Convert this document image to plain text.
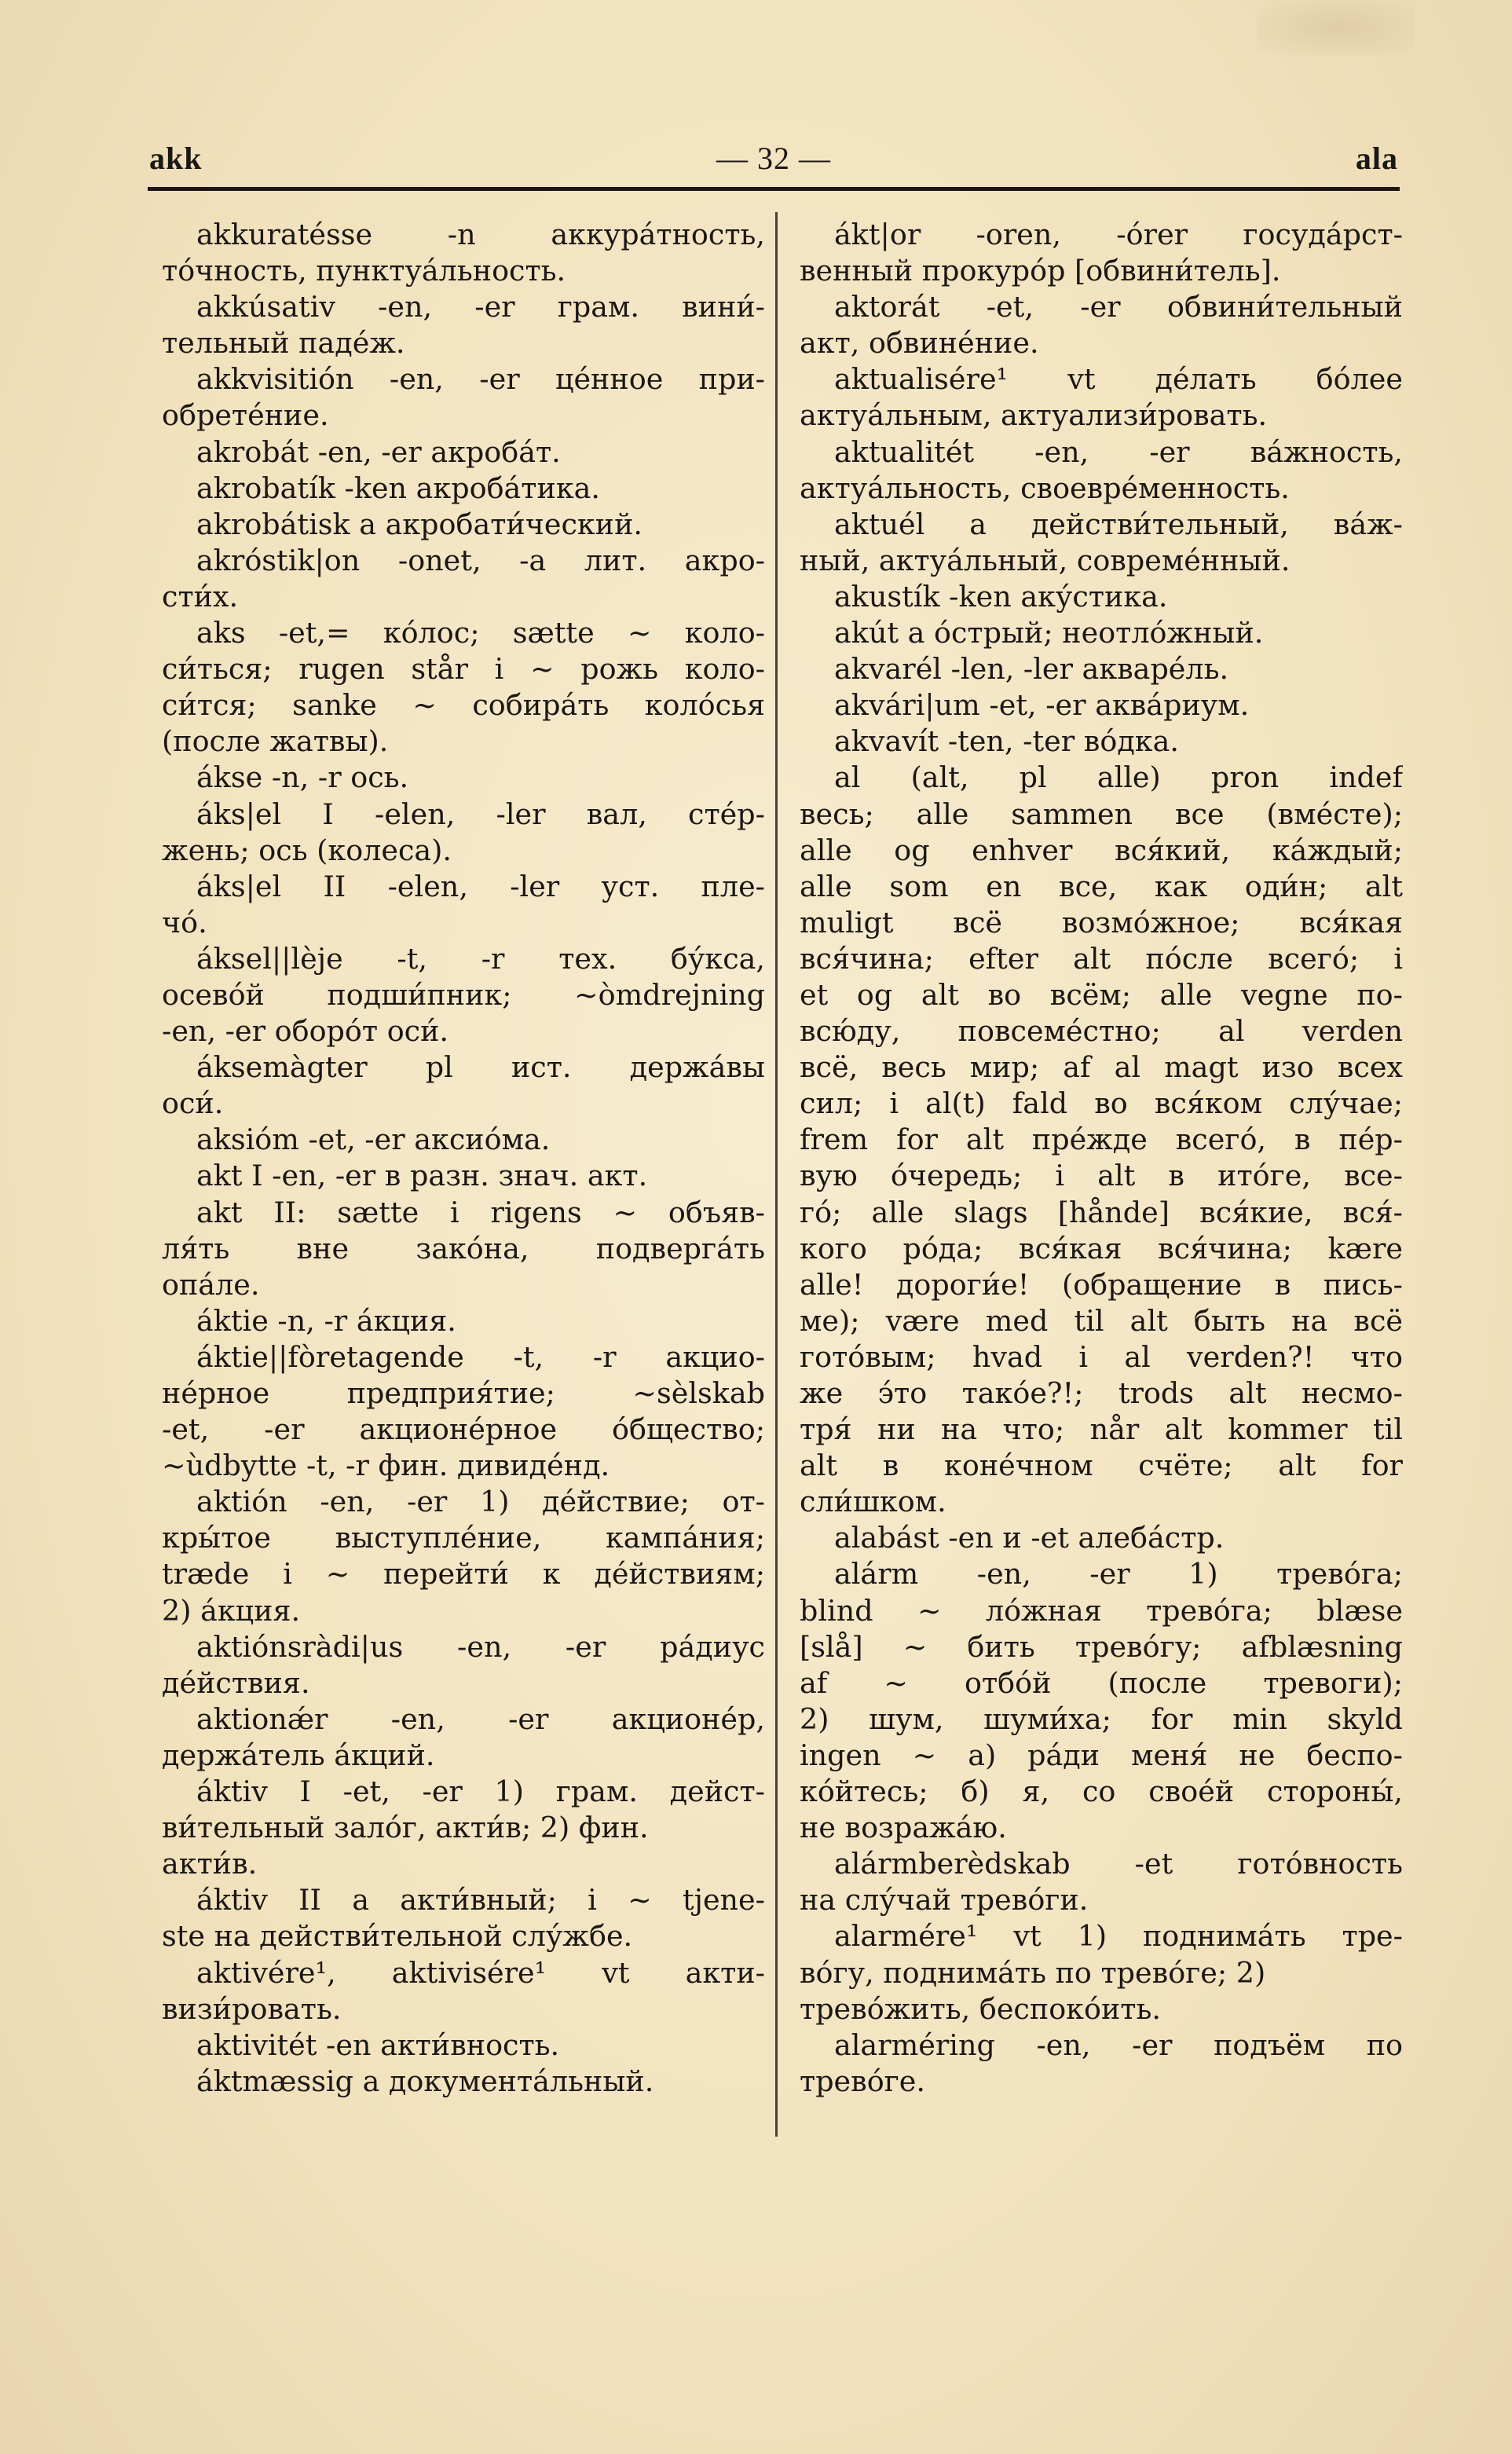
akk	— 32 —	ala
akkuratésse -n аккура́тность,
то́чность, пунктуа́льность.
akkúsativ -en, -er грам. вини́-
тельный паде́ж.
akkvisitión -en, -er це́нное при-
обрете́ние.
akrobát -en, -er акроба́т.
akrobatík -ken акроба́тика.
akrobátisk a акробати́ческий.
akróstik|on -onet, -a лит. акро-
сти́х.
aks -et,= ко́лос; sætte ~ коло-
си́ться; rugen står i ~ рожь коло-
си́тся; sanke ~ собира́ть коло́сья
(после жатвы).
ákse -n, -r ось.
áks|el I -elen, -ler вал, сте́р-
жень; ось (колеса).
áks|el II -elen, -ler уст. пле-
чо́.
áksel||lèje -t, -r тех. бу́кса,
осево́й подши́пник; ~òmdrejning
-en, -er оборо́т оси́.
áksemàgter pl ист. держа́вы
оси́.
aksióm -et, -er аксио́ма.
akt I -en, -er в разн. знач. акт.
akt II: sætte i rigens ~ объяв-
ля́ть вне зако́на, подверга́ть
опа́ле.
áktie -n, -r а́кция.
áktie||fòretagende -t, -r акцио-
не́рное предприя́тие; ~sèlskab
-et, -er акционе́рное о́бщество;
~ùdbytte -t, -r фин. дивиде́нд.
aktión -en, -er 1) де́йствие; от-
кры́тое выступле́ние, кампа́ния;
træde i ~ перейти́ к де́йствиям;
2) а́кция.
aktiónsràdi|us -en, -er ра́диус
де́йствия.
aktionǽr -en, -er акционе́р,
держа́тель а́кций.
áktiv I -et, -er 1) грам. дейст-
ви́тельный зало́г, акти́в; 2) фин.
акти́в.
áktiv II a акти́вный; i ~ tjene-
ste на действи́тельной слу́жбе.
aktivére¹, aktivisére¹ vt акти-
визи́ровать.
aktivitét -en акти́вность.
áktmæssig a документа́льный.
ákt|or -oren, -órer госуда́рст-
венный прокуро́р [обвини́тель].
aktorát -et, -er обвини́тельный
акт, обвине́ние.
aktualisére¹ vt де́лать бо́лее
актуа́льным, актуализи́ровать.
aktualitét -en, -er ва́жность,
актуа́льность, своевре́менность.
aktuél a действи́тельный, ва́ж-
ный, актуа́льный, совреме́нный.
akustík -ken аку́стика.
akút a о́стрый; неотло́жный.
akvarél -len, -ler акваре́ль.
akvári|um -et, -er аква́риум.
akvavít -ten, -ter во́дка.
al (alt, pl alle) pron indef
весь; alle sammen все (вме́сте);
alle og enhver вся́кий, ка́ждый;
alle som en все, как оди́н; alt
muligt всё возмо́жное; вся́кая
вся́чина; efter alt по́сле всего́; i
et og alt во всём; alle vegne по-
всю́ду, повсеме́стно; al verden
всё, весь мир; af al magt изо всех
сил; i al(t) fald во вся́ком слу́чае;
frem for alt пре́жде всего́, в пе́р-
вую о́чередь; i alt в ито́ге, все-
го́; alle slags [hånde] вся́кие, вся́-
кого ро́да; вся́кая вся́чина; kære
alle! дороги́е! (обращение в пись-
ме); være med til alt быть на всё
гото́вым; hvad i al verden?! что
же э́то тако́е?!; trods alt несмо-
тря́ ни на что; når alt kommer til
alt в коне́чном счёте; alt for
сли́шком.
alabást -en и -et алеба́стр.
alárm -en, -er 1) трево́га;
blind ~ ло́жная трево́га; blæse
[slå] ~ бить трево́гу; afblæsning
af ~ отбо́й (после тревоги);
2) шум, шуми́ха; for min skyld
ingen ~ а) ра́ди меня́ не беспо-
ко́йтесь; б) я, со свое́й стороны́,
не возража́ю.
alármberèdskab -et гото́вность
на слу́чай трево́ги.
alarmére¹ vt 1) поднима́ть тре-
во́гу, поднима́ть по трево́ге; 2)
трево́жить, беспоко́ить.
alarméring -en, -er подъём по
трево́ге.
